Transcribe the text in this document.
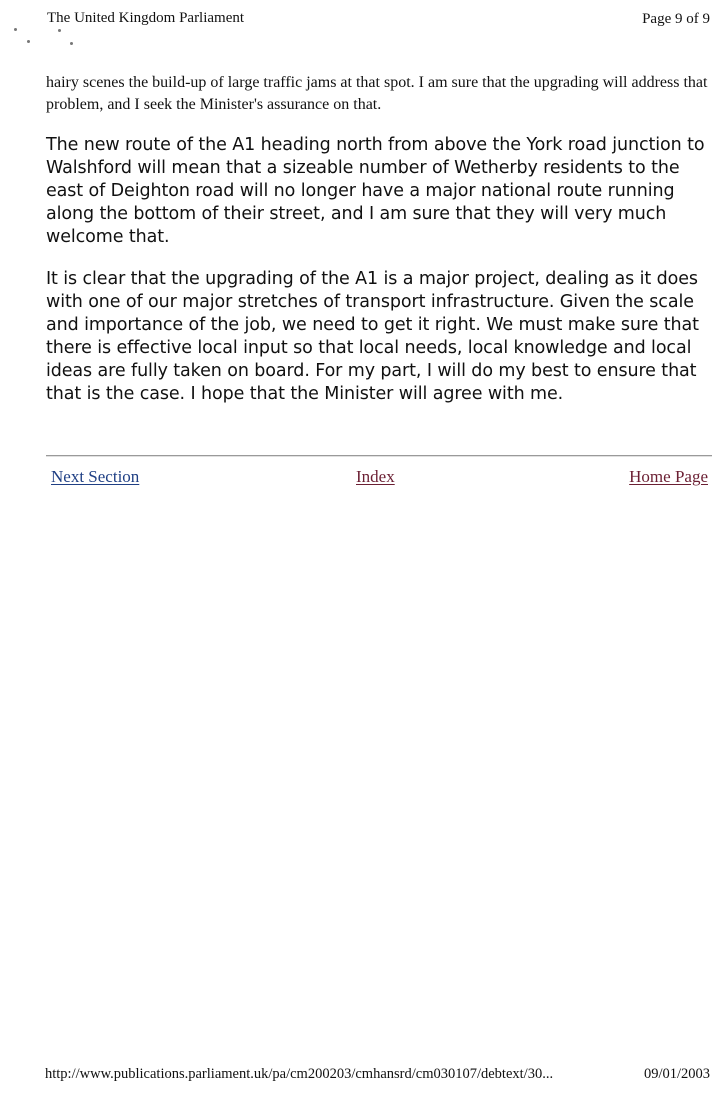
The United Kingdom Parliament	Page 9 of 9
hairy scenes the build-up of large traffic jams at that spot. I am sure that the upgrading will address that problem, and I seek the Minister's assurance on that.
The new route of the A1 heading north from above the York road junction to Walshford will mean that a sizeable number of Wetherby residents to the east of Deighton road will no longer have a major national route running along the bottom of their street, and I am sure that they will very much welcome that.
It is clear that the upgrading of the A1 is a major project, dealing as it does with one of our major stretches of transport infrastructure. Given the scale and importance of the job, we need to get it right. We must make sure that there is effective local input so that local needs, local knowledge and local ideas are fully taken on board. For my part, I will do my best to ensure that that is the case. I hope that the Minister will agree with me.
Next Section	Index	Home Page
http://www.publications.parliament.uk/pa/cm200203/cmhansrd/cm030107/debtext/30...	09/01/2003
